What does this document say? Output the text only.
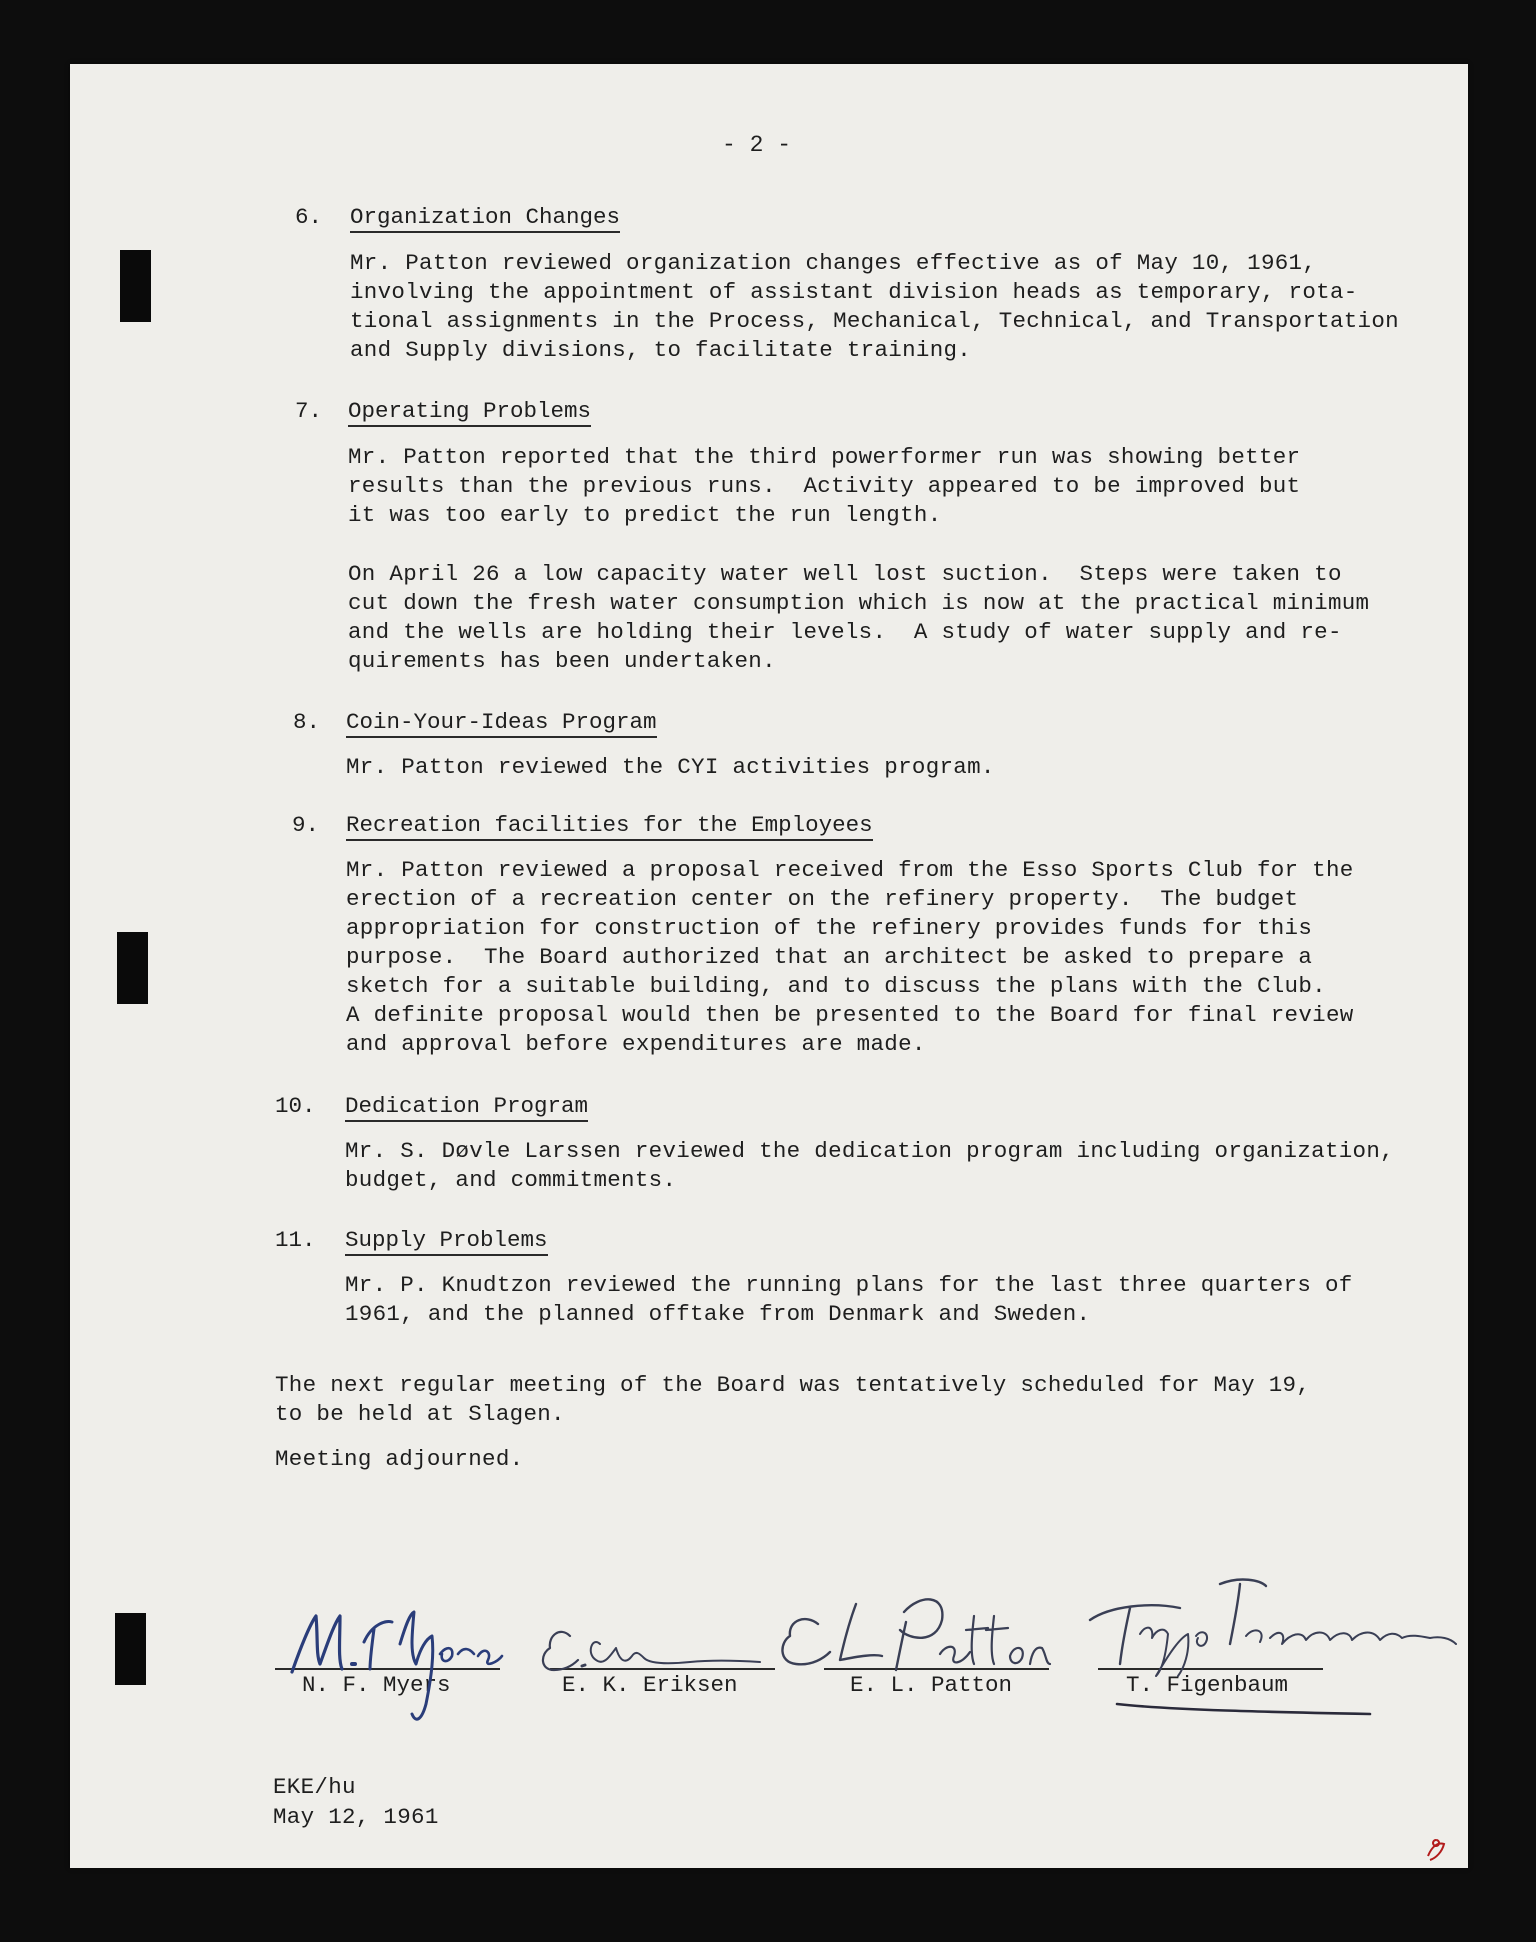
- 2 -
6. Organization Changes
Mr. Patton reviewed organization changes effective as of May 10, 1961,
involving the appointment of assistant division heads as temporary, rota-
tional assignments in the Process, Mechanical, Technical, and Transportation
and Supply divisions, to facilitate training.
7. Operating Problems
Mr. Patton reported that the third powerformer run was showing better
results than the previous runs.  Activity appeared to be improved but
it was too early to predict the run length.
On April 26 a low capacity water well lost suction.  Steps were taken to
cut down the fresh water consumption which is now at the practical minimum
and the wells are holding their levels.  A study of water supply and re-
quirements has been undertaken.
8. Coin-Your-Ideas Program
Mr. Patton reviewed the CYI activities program.
9. Recreation facilities for the Employees
Mr. Patton reviewed a proposal received from the Esso Sports Club for the
erection of a recreation center on the refinery property.  The budget
appropriation for construction of the refinery provides funds for this
purpose.  The Board authorized that an architect be asked to prepare a
sketch for a suitable building, and to discuss the plans with the Club.
A definite proposal would then be presented to the Board for final review
and approval before expenditures are made.
10. Dedication Program
Mr. S. Døvle Larssen reviewed the dedication program including organization,
budget, and commitments.
11. Supply Problems
Mr. P. Knudtzon reviewed the running plans for the last three quarters of
1961, and the planned offtake from Denmark and Sweden.
The next regular meeting of the Board was tentatively scheduled for May 19,
to be held at Slagen.
Meeting adjourned.
N. F. Myers	E. K. Eriksen	E. L. Patton	T. Figenbaum
EKE/hu
May 12, 1961
